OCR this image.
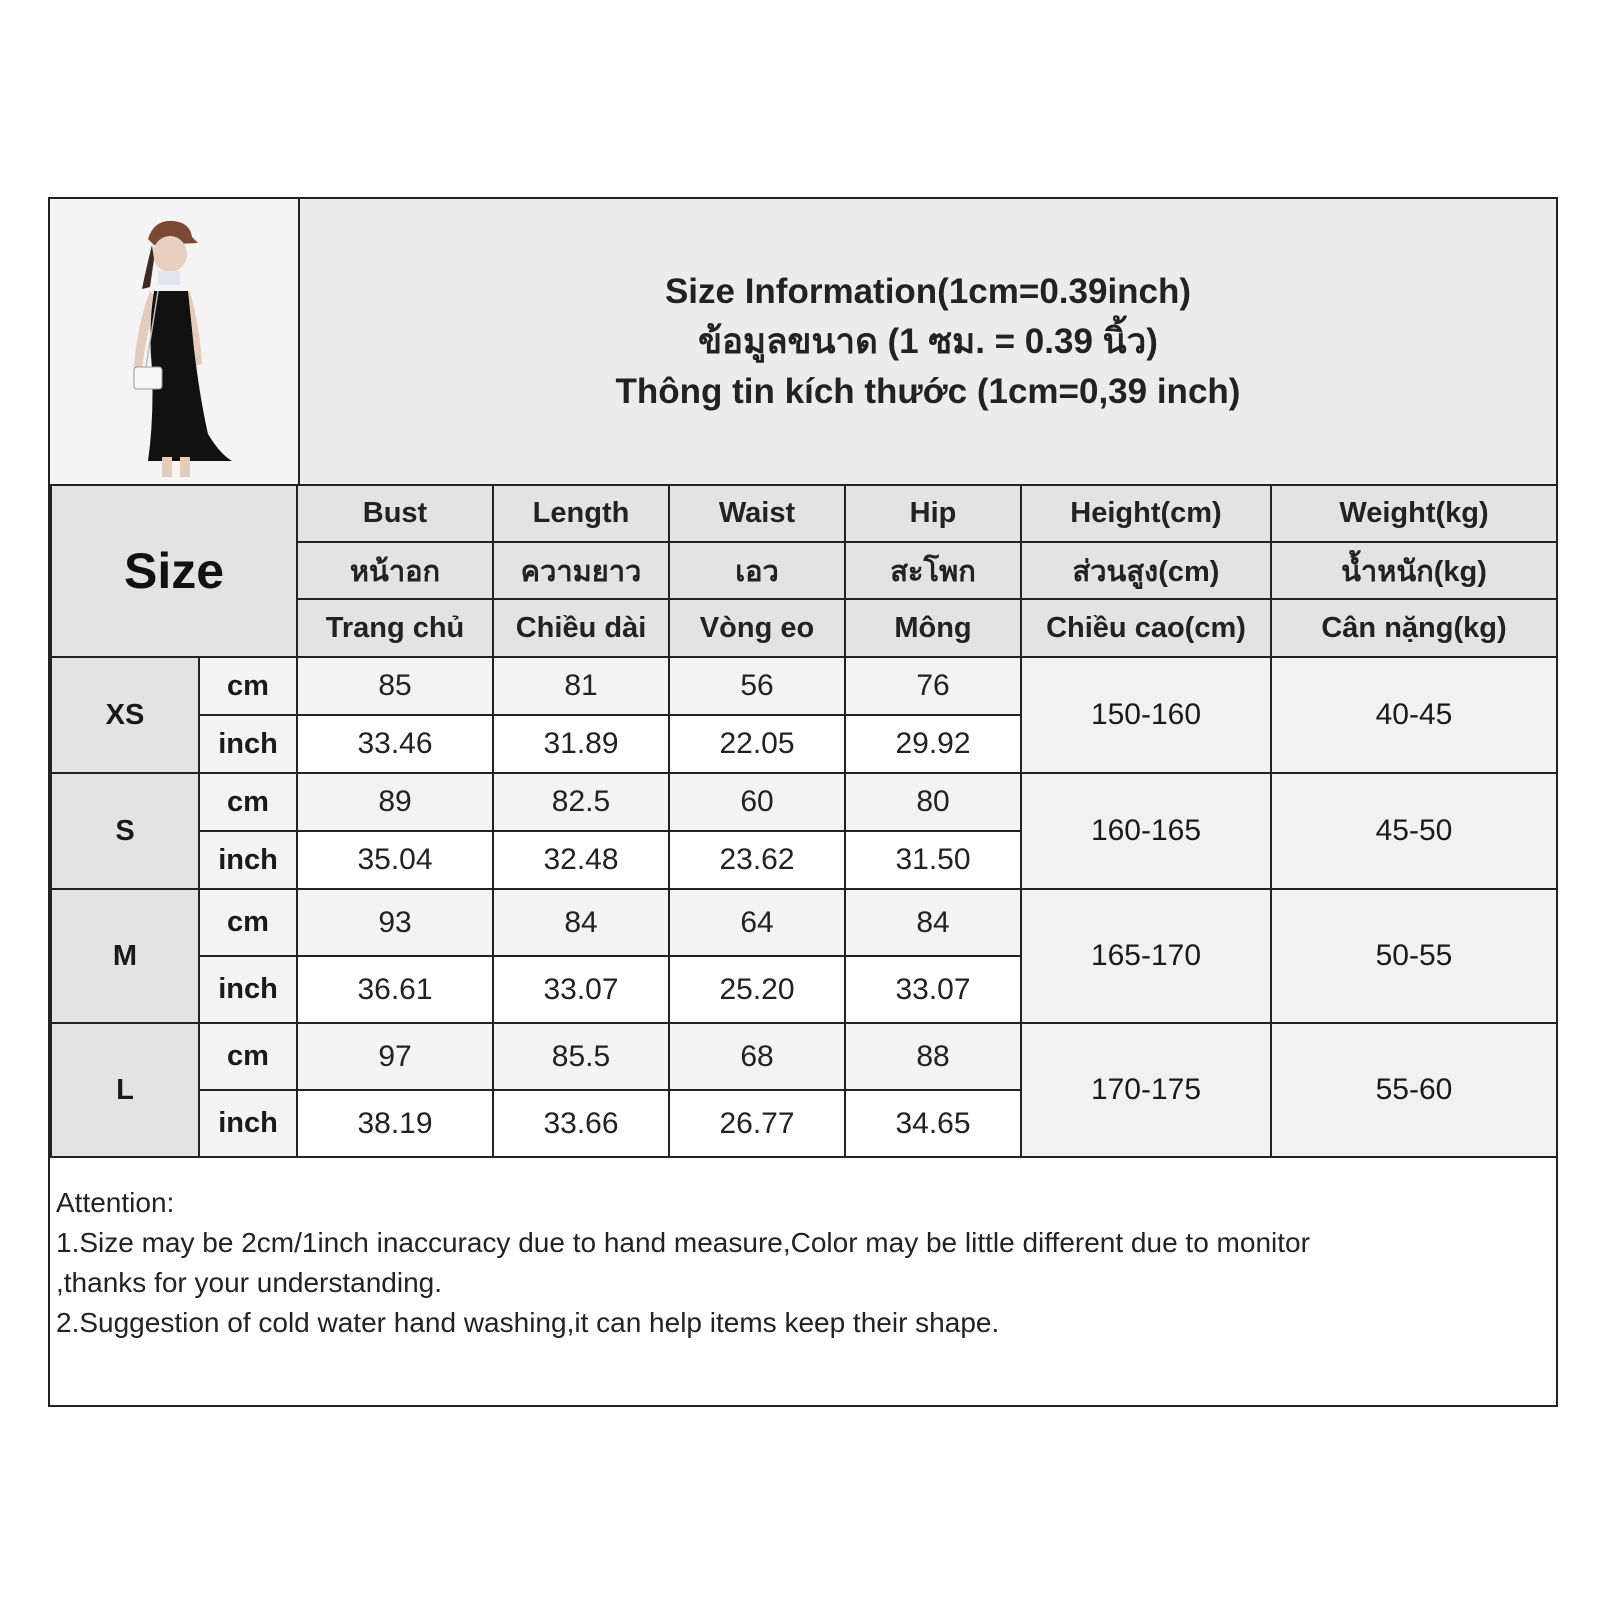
Size Information(1cm=0.39inch)
ข้อมูลขนาด (1 ซม. = 0.39 นิ้ว)
Thông tin kích thước (1cm=0,39 inch)
Size		Bust	Length	Waist	Hip	Height(cm)	Weight(kg)
		หน้าอก	ความยาว	เอว	สะโพก	ส่วนสูง(cm)	น้ำหนัก(kg)
		Trang chủ	Chiều dài	Vòng eo	Mông	Chiều cao(cm)	Cân nặng(kg)
XS	cm	85	81	56	76	150-160	40-45
	inch	33.46	31.89	22.05	29.92		
S	cm	89	82.5	60	80	160-165	45-50
	inch	35.04	32.48	23.62	31.50		
M	cm	93	84	64	84	165-170	50-55
	inch	36.61	33.07	25.20	33.07		
L	cm	97	85.5	68	88	170-175	55-60
	inch	38.19	33.66	26.77	34.65		
Attention:
1.Size may be 2cm/1inch inaccuracy due to hand measure,Color may be little different due to monitor
,thanks for your understanding.
2.Suggestion of cold water hand washing,it can help items keep their shape.
